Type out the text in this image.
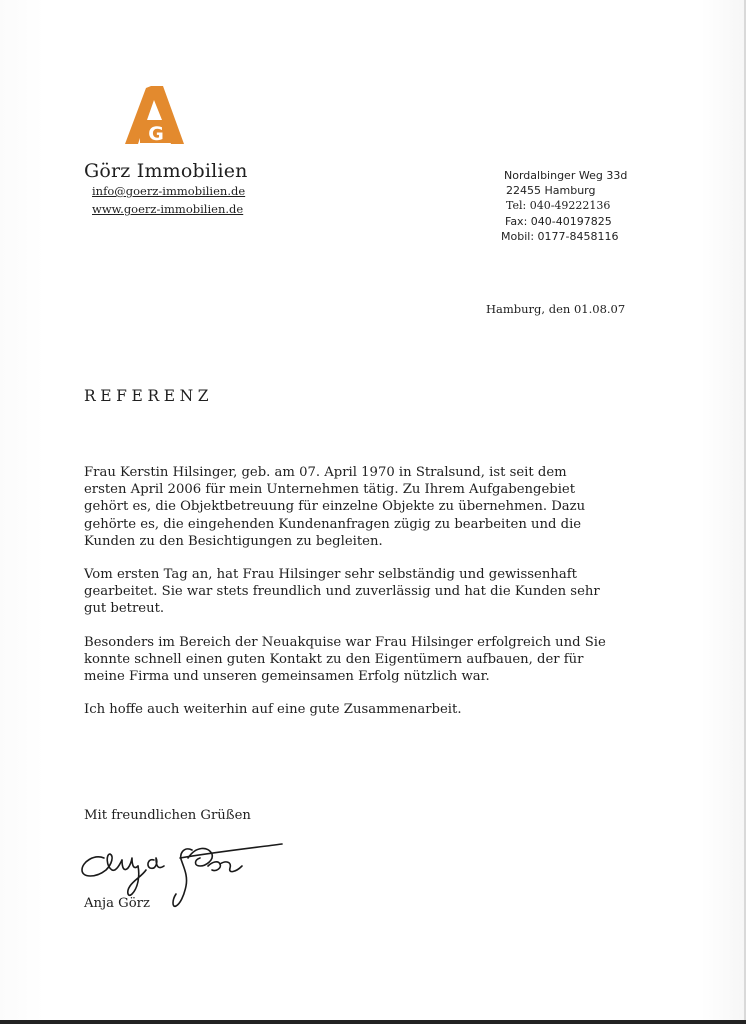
G
Görz Immobilien
info@goerz-immobilien.de
www.goerz-immobilien.de
Nordalbinger Weg 33d
22455 Hamburg
Tel: 040-49222136
Fax: 040-40197825
Mobil: 0177-8458116
Hamburg, den 01.08.07
REFERENZ

Frau Kerstin Hilsinger, geb. am 07. April 1970 in Stralsund, ist seit dem
ersten April 2006 für mein Unternehmen tätig. Zu Ihrem Aufgabengebiet
gehört es, die Objektbetreuung für einzelne Objekte zu übernehmen. Dazu
gehörte es, die eingehenden Kundenanfragen zügig zu bearbeiten und die
Kunden zu den Besichtigungen zu begleiten.

Vom ersten Tag an, hat Frau Hilsinger sehr selbständig und gewissenhaft
gearbeitet. Sie war stets freundlich und zuverlässig und hat die Kunden sehr
gut betreut.

Besonders im Bereich der Neuakquise war Frau Hilsinger erfolgreich und Sie
konnte schnell einen guten Kontakt zu den Eigentümern aufbauen, der für
meine Firma und unseren gemeinsamen Erfolg nützlich war.

Ich hoffe auch weiterhin auf eine gute Zusammenarbeit.

Mit freundlichen Grüßen
Anja Görz
